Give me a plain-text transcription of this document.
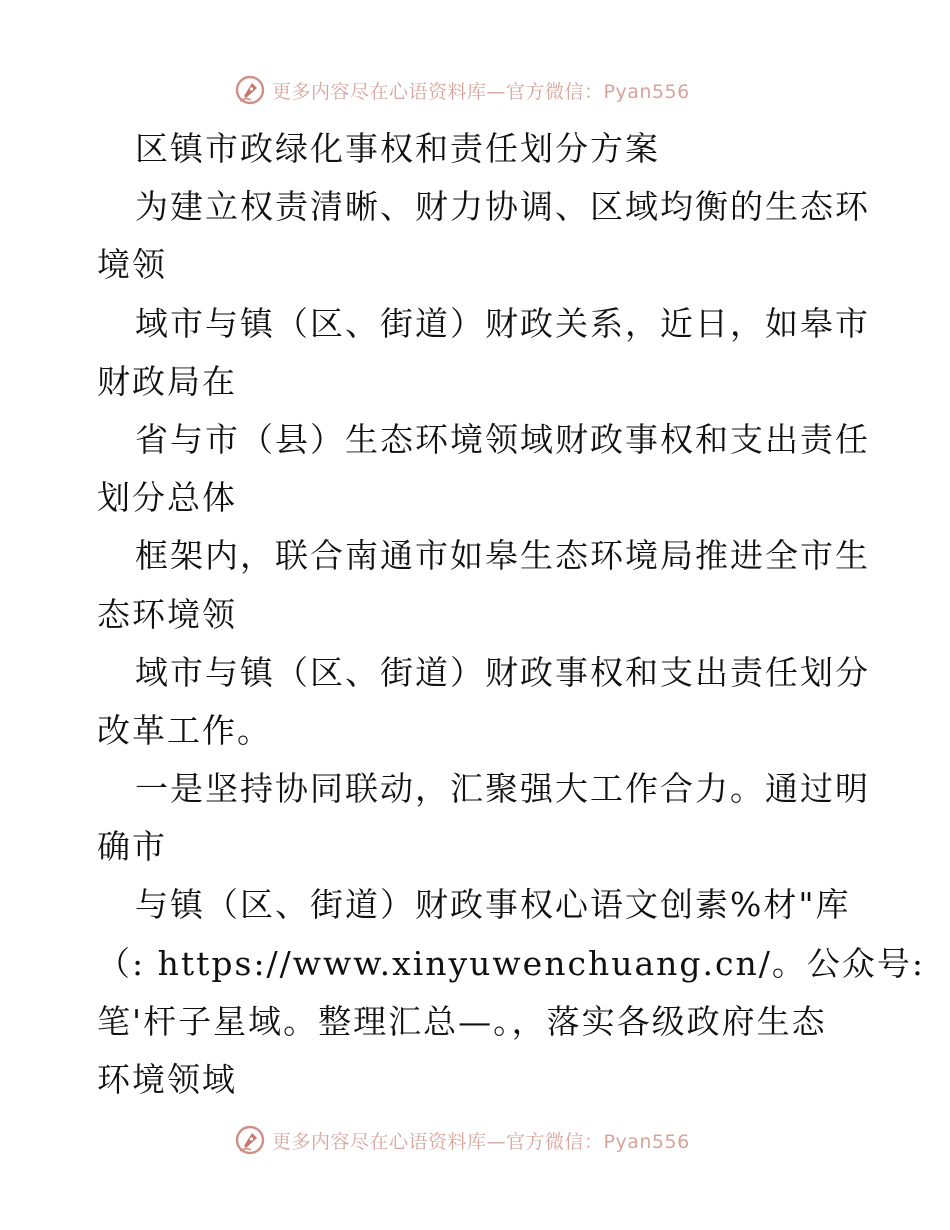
更多内容尽在心语资料库—官方微信：Pyan556
区镇市政绿化事权和责任划分方案
为建立权责清晰、财力协调、区域均衡的生态环
境领
域市与镇（区、街道）财政关系，近日，如皋市
财政局在
省与市（县）生态环境领域财政事权和支出责任
划分总体
框架内，联合南通市如皋生态环境局推进全市生
态环境领
域市与镇（区、街道）财政事权和支出责任划分
改革工作。
一是坚持协同联动，汇聚强大工作合力。通过明
确市
与镇（区、街道）财政事权心语文创素%材"库
（: https://www.xinyuwenchuang.cn/。公众号:
笔'杆子星域。整理汇总—。，落实各级政府生态
环境领域
更多内容尽在心语资料库—官方微信：Pyan556
